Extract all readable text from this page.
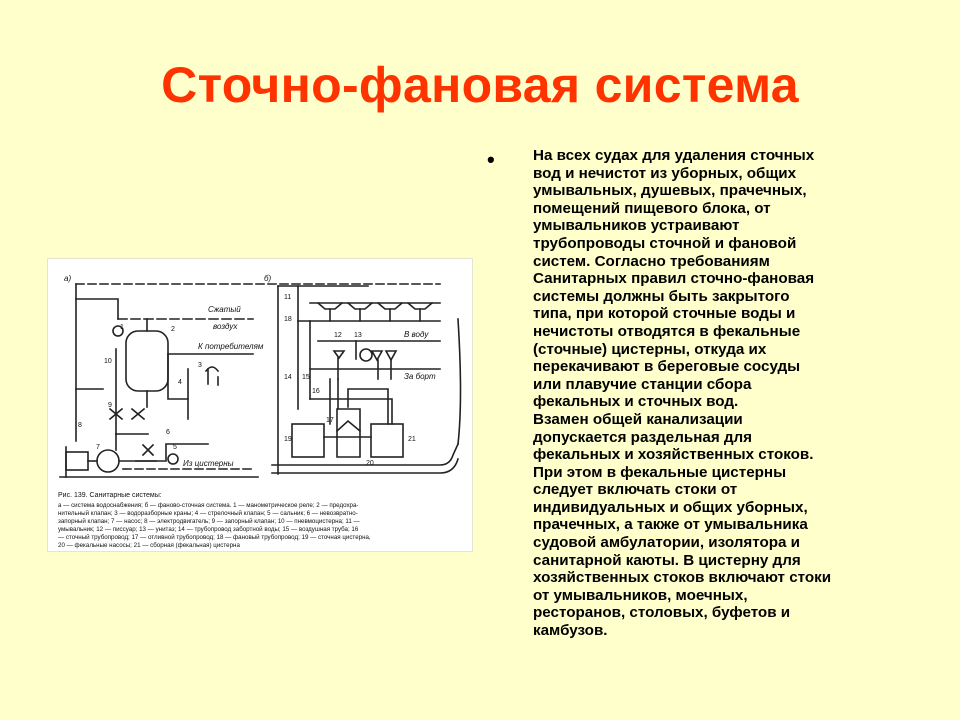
Сточно-фановая система
а)	б)
Сжатый
воздух
К потребителям
Из цистерны
В воду
За борт
1	2
3
4
5
6
7
8
9
10
11
12 13
14 15
16
17
18
19
20
21
Рис. 139. Санитарные системы:
а — система водоснабжения; б — фаново-сточная система. 1 — манометрическое реле; 2 — предохра-
нительный клапан; 3 — водоразборные краны; 4 — стрелочный клапан; 5 — сальник; 6 — невозвратно-
запорный клапан; 7 — насос; 8 — электродвигатель; 9 — запорный клапан; 10 — пневмоцистерна; 11 —
умывальник; 12 — писсуар; 13 — унитаз; 14 — трубопровод забортной воды; 15 — воздушная труба; 16
— сточный трубопровод; 17 — отливной трубопровод; 18 — фановый трубопровод; 19 — сточная цистерна,
20 — фекальные насосы; 21 — сборная (фекальная) цистерна
•	На всех судах для удаления сточных
вод и нечистот из уборных, общих
умывальных, душевых, прачечных,
помещений пищевого блока, от
умывальников устраивают
трубопроводы сточной и фановой
систем. Согласно требованиям
Санитарных правил сточно-фановая
системы должны быть закрытого
типа, при которой сточные воды и
нечистоты отводятся в фекальные
(сточные) цистерны, откуда их
перекачивают в береговые сосуды
или плавучие станции сбора
фекальных и сточных вод.
Взамен общей канализации
допускается раздельная для
фекальных и хозяйственных стоков.
При этом в фекальные цистерны
следует включать стоки от
индивидуальных и общих уборных,
прачечных, а также от умывальника
судовой амбулатории, изолятора и
санитарной каюты. В цистерну для
хозяйственных стоков включают стоки
от умывальников, моечных,
ресторанов, столовых, буфетов и
камбузов.
